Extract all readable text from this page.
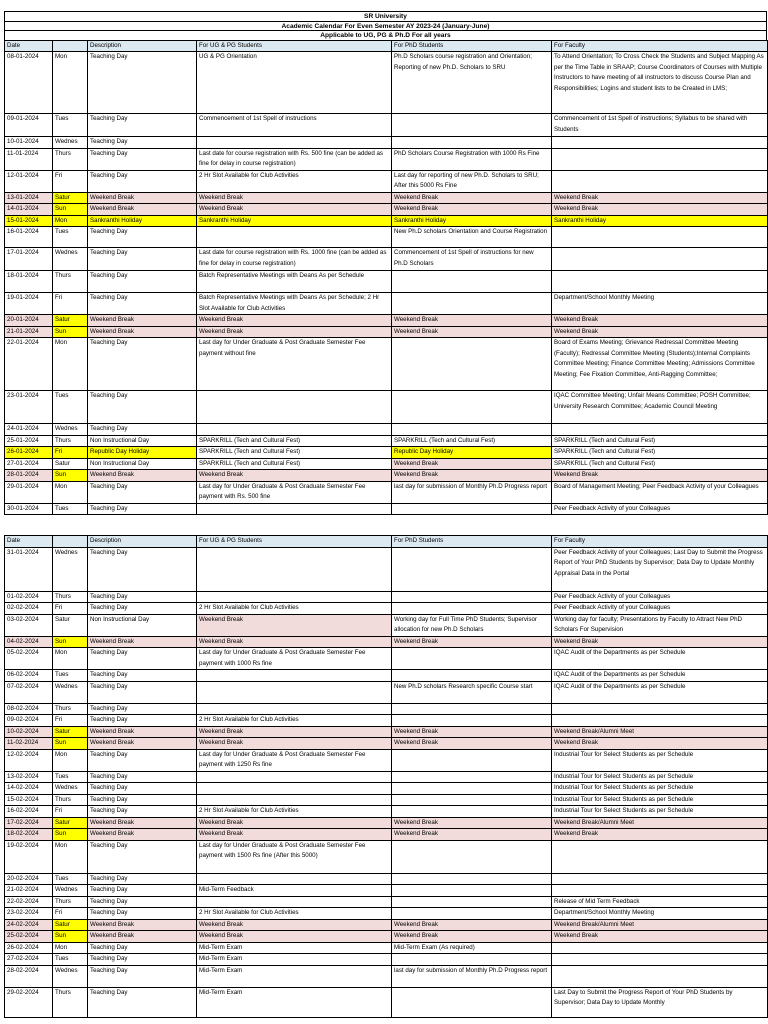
SR University
Academic Calendar For Even Semester AY 2023-24 (January-June)
Applicable to UG, PG & Ph.D For all years
Date		Description	For UG & PG Students	For PhD Students	For Faculty
08-01-2024	Mon	Teaching Day	UG & PG Orientation	Ph.D Scholars course registration and Orientation; Reporting of new Ph.D. Scholars to SRU	To Attend Orientation; To Cross Check the Students and Subject Mapping As per the Time Table in SRAAP; Course Coordinators of Courses with Multiple Instructors to have meeting of all instructors to discuss Course Plan and Responsibilities; Logins and student lists to be Created in LMS;
09-01-2024	Tues	Teaching Day	Commencement of 1st Spell of instructions		Commencement of 1st Spell of instructions; Syllabus to be shared with Students
10-01-2024	Wednes	Teaching Day			
11-01-2024	Thurs	Teaching Day	Last date for course registration with Rs. 500 fine (can be added as fine for delay in course registration)	PhD Scholars Course Registration with 1000 Rs Fine	
12-01-2024	Fri	Teaching Day	2 Hr Slot Available for Club Activities	Last day for reporting of new Ph.D. Scholars to SRU; After this 5000 Rs Fine	
13-01-2024	Satur	Weekend Break	Weekend Break	Weekend Break	Weekend Break
14-01-2024	Sun	Weekend Break	Weekend Break	Weekend Break	Weekend Break
15-01-2024	Mon	Sankranthi Holiday	Sankranthi Holiday	Sankranthi Holiday	Sankranthi Holiday
16-01-2024	Tues	Teaching Day		New Ph.D scholars Orientation and Course Registration	
17-01-2024	Wednes	Teaching Day	Last date for course registration with Rs. 1000 fine (can be added as fine for delay in course registration)	Commencement of 1st Spell of instructions for new Ph.D Scholars	
18-01-2024	Thurs	Teaching Day	Batch Representative Meetings with Deans As per Schedule		
19-01-2024	Fri	Teaching Day	Batch Representative Meetings with Deans As per Schedule; 2 Hr Slot Available for Club Activities		Department/School Monthly Meeting
20-01-2024	Satur	Weekend Break	Weekend Break	Weekend Break	Weekend Break
21-01-2024	Sun	Weekend Break	Weekend Break	Weekend Break	Weekend Break
22-01-2024	Mon	Teaching Day	Last day for Under Graduate & Post Graduate Semester Fee payment without fine		Board of Exams Meeting; Grievance Redressal Committee Meeting (Faculty); Redressal Committee Meeting (Students);Internal Complaints Committee Meeting; Finance Committee Meeting; Admissions Committee Meeting; Fee Fixation Committee, Anti-Ragging Committee;
23-01-2024	Tues	Teaching Day			IQAC Committee Meeting; Unfair Means Committee; POSH Committee; University Research Committee; Academic Council Meeting
24-01-2024	Wednes	Teaching Day			
25-01-2024	Thurs	Non Instructional Day	SPARKRILL (Tech and Cultural Fest)	SPARKRILL (Tech and Cultural Fest)	SPARKRILL (Tech and Cultural Fest)
26-01-2024	Fri	Republic Day Holiday	SPARKRILL (Tech and Cultural Fest)	Republic Day Holiday	SPARKRILL (Tech and Cultural Fest)
27-01-2024	Satur	Non Instructional Day	SPARKRILL (Tech and Cultural Fest)	Weekend Break	SPARKRILL (Tech and Cultural Fest)
28-01-2024	Sun	Weekend Break	Weekend Break	Weekend Break	Weekend Break
29-01-2024	Mon	Teaching Day	Last day for Under Graduate & Post Graduate Semester Fee payment with Rs. 500 fine	last day for submission of Monthly Ph.D Progress report	Board of Management Meeting; Peer Feedback Activity of your Colleagues
30-01-2024	Tues	Teaching Day			Peer Feedback Activity of your Colleagues
Date		Description	For UG & PG Students	For PhD Students	For Faculty
31-01-2024	Wednes	Teaching Day			Peer Feedback Activity of your Colleagues; Last Day to Submit the Progress Report of Your PhD Students by Supervisor; Data Day to Update Monthly Appraisal Data in the Portal
01-02-2024	Thurs	Teaching Day			Peer Feedback Activity of your Colleagues
02-02-2024	Fri	Teaching Day	2 Hr Slot Available for Club Activities		Peer Feedback Activity of your Colleagues
03-02-2024	Satur	Non Instructional Day	Weekend Break	Working day for Full Time PhD Students; Supervisor allocation for new Ph.D Scholars	Working day for faculty; Presentations by Faculty to Attract New PhD Scholars For Supervision
04-02-2024	Sun	Weekend Break	Weekend Break	Weekend Break	Weekend Break
05-02-2024	Mon	Teaching Day	Last day for Under Graduate & Post Graduate Semester Fee payment with 1000 Rs fine		IQAC Audit of the Departments as per Schedule
06-02-2024	Tues	Teaching Day			IQAC Audit of the Departments as per Schedule
07-02-2024	Wednes	Teaching Day		New Ph.D scholars Research specific Course start	IQAC Audit of the Departments as per Schedule
08-02-2024	Thurs	Teaching Day			
09-02-2024	Fri	Teaching Day	2 Hr Slot Available for Club Activities		
10-02-2024	Satur	Weekend Break	Weekend Break	Weekend Break	Weekend Break/Alumni Meet
11-02-2024	Sun	Weekend Break	Weekend Break	Weekend Break	Weekend Break
12-02-2024	Mon	Teaching Day	Last day for Under Graduate & Post Graduate Semester Fee payment with 1250 Rs fine		Industrial Tour for Select Students as per Schedule
13-02-2024	Tues	Teaching Day			Industrial Tour for Select Students as per Schedule
14-02-2024	Wednes	Teaching Day			Industrial Tour for Select Students as per Schedule
15-02-2024	Thurs	Teaching Day			Industrial Tour for Select Students as per Schedule
16-02-2024	Fri	Teaching Day	2 Hr Slot Available for Club Activities		Industrial Tour for Select Students as per Schedule
17-02-2024	Satur	Weekend Break	Weekend Break	Weekend Break	Weekend Break/Alumni Meet
18-02-2024	Sun	Weekend Break	Weekend Break	Weekend Break	Weekend Break
19-02-2024	Mon	Teaching Day	Last day for Under Graduate & Post Graduate Semester Fee payment with 1500 Rs fine (After this 5000)		
20-02-2024	Tues	Teaching Day			
21-02-2024	Wednes	Teaching Day	Mid-Term Feedback		
22-02-2024	Thurs	Teaching Day			Release of Mid Term Feedback
23-02-2024	Fri	Teaching Day	2 Hr Slot Available for Club Activities		Department/School Monthly Meeting
24-02-2024	Satur	Weekend Break	Weekend Break	Weekend Break	Weekend Break/Alumni Meet
25-02-2024	Sun	Weekend Break	Weekend Break	Weekend Break	Weekend Break
26-02-2024	Mon	Teaching Day	Mid-Term Exam	Mid-Term Exam (As required)	
27-02-2024	Tues	Teaching Day	Mid-Term Exam		
28-02-2024	Wednes	Teaching Day	Mid-Term Exam	last day for submission of Monthly Ph.D Progress report	
29-02-2024	Thurs	Teaching Day	Mid-Term Exam		Last Day to Submit the Progress Report of Your PhD Students by Supervisor; Data Day to Update Monthly
